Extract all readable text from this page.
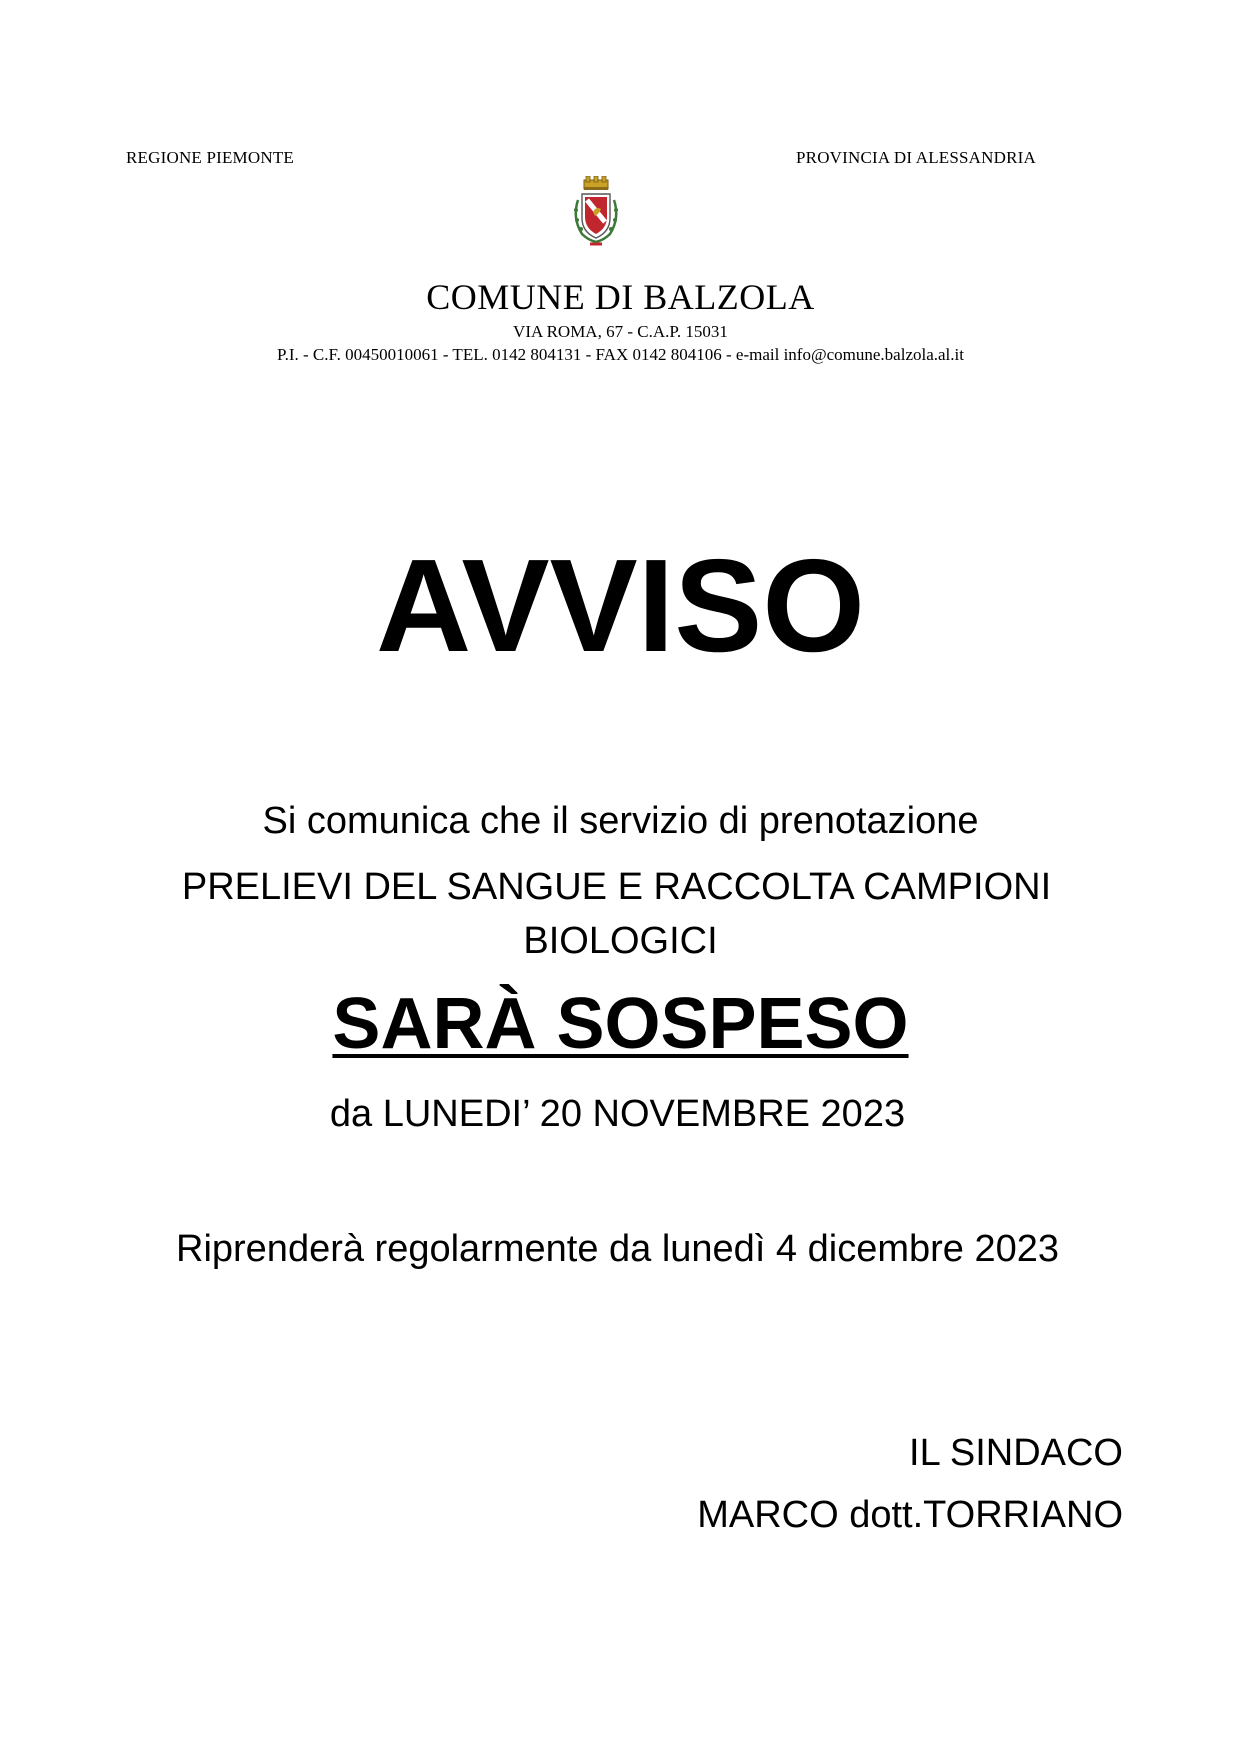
REGIONE PIEMONTE	PROVINCIA DI ALESSANDRIA
COMUNE DI BALZOLA
VIA ROMA, 67 - C.A.P. 15031
P.I. - C.F. 00450010061 - TEL. 0142 804131 - FAX 0142 804106 - e-mail info@comune.balzola.al.it
AVVISO
Si comunica che il servizio di prenotazione
PRELIEVI DEL SANGUE E RACCOLTA CAMPIONI
BIOLOGICI
SARÀ SOSPESO
da LUNEDI’ 20 NOVEMBRE 2023
Riprenderà regolarmente da lunedì 4 dicembre 2023
IL SINDACO
MARCO dott.TORRIANO
